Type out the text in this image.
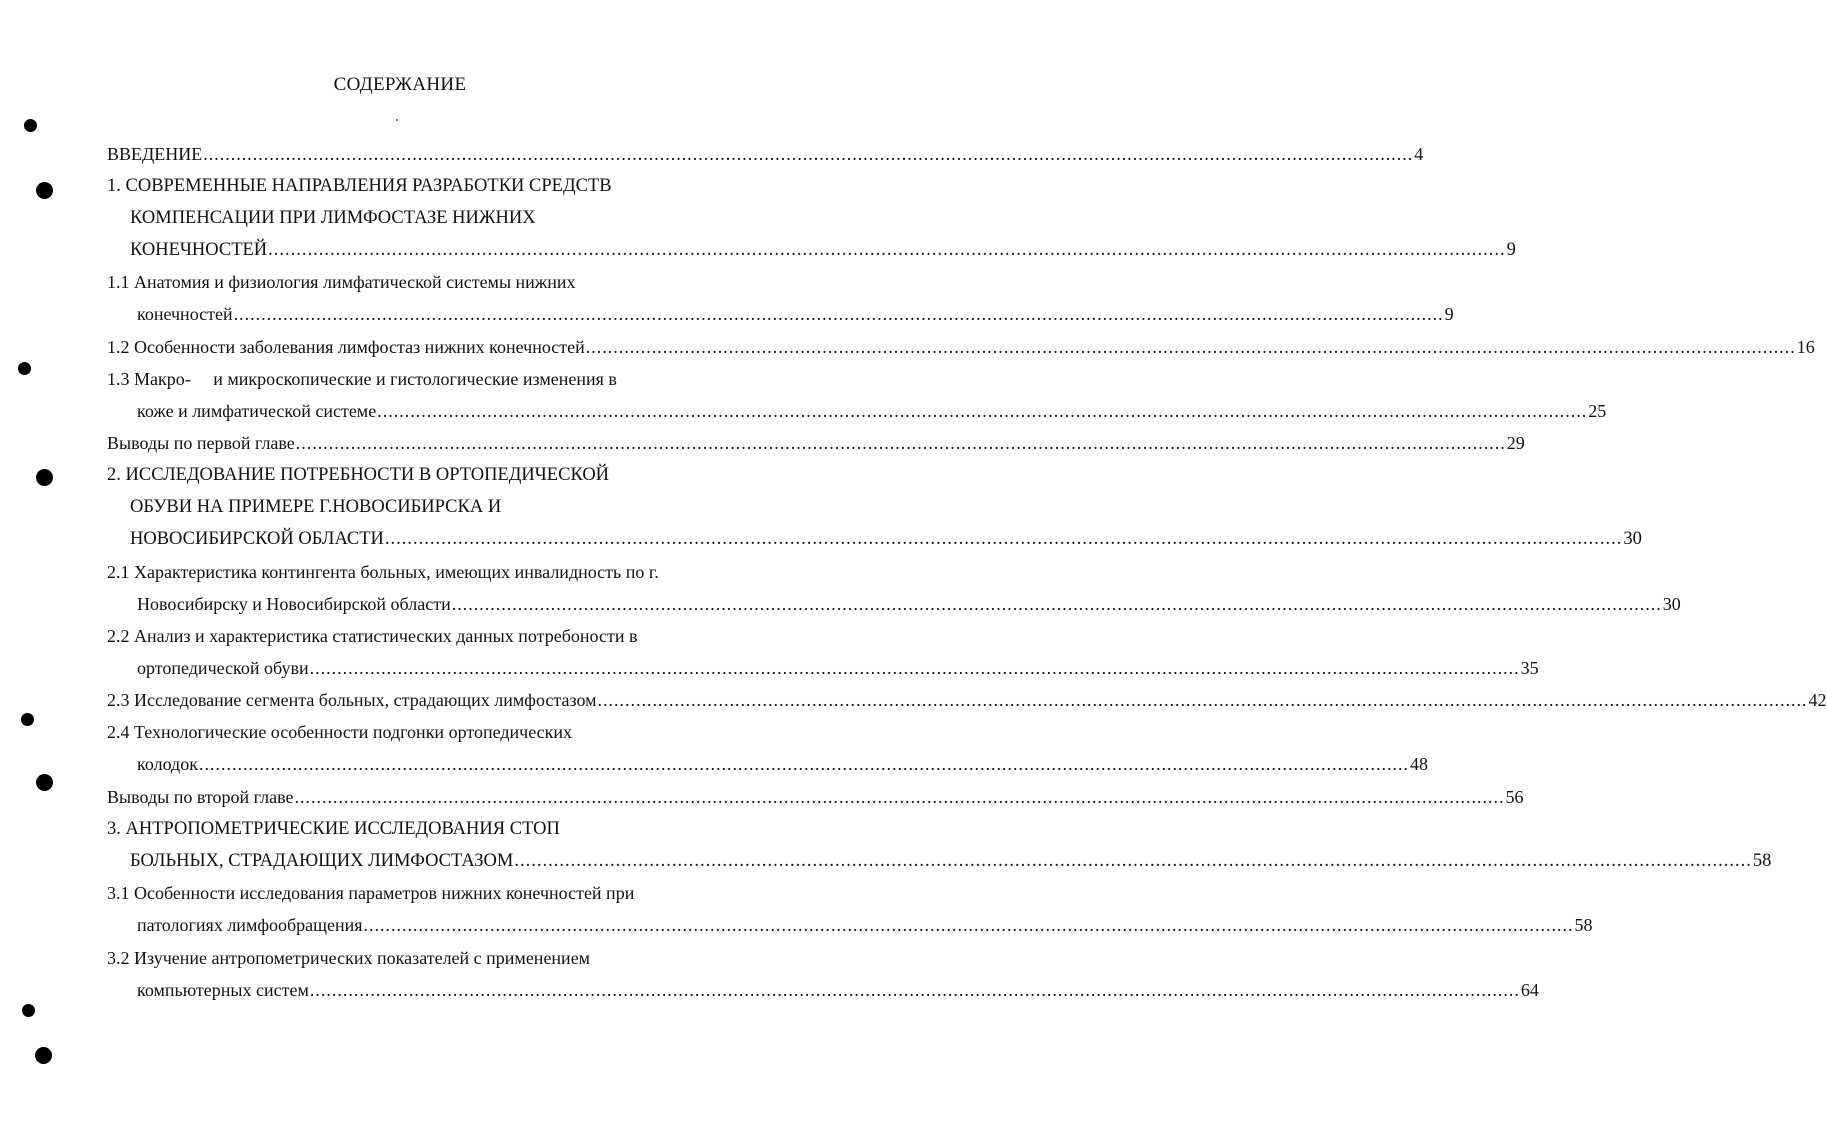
СОДЕРЖАНИЕ
ВВЕДЕНИЕ ............................................................................................................................................................................................................................ 4
1. СОВРЕМЕННЫЕ НАПРАВЛЕНИЯ РАЗРАБОТКИ СРЕДСТВ
КОМПЕНСАЦИИ ПРИ ЛИМФОСТАЗЕ НИЖНИХ
КОНЕЧНОСТЕЙ ............................................................................................................................................................................................................................ 9
1.1 Анатомия и физиология лимфатической системы нижних
конечностей ............................................................................................................................................................................................................................ 9
1.2 Особенности заболевания лимфостаз нижних конечностей ............................................................................................................................................................................................................................ 16
1.3 Макро-     и микроскопические и гистологические изменения в
коже и лимфатической системе ............................................................................................................................................................................................................................ 25
Выводы по первой главе ............................................................................................................................................................................................................................ 29
2. ИССЛЕДОВАНИЕ ПОТРЕБНОСТИ В ОРТОПЕДИЧЕСКОЙ
ОБУВИ НА ПРИМЕРЕ Г.НОВОСИБИРСКА И
НОВОСИБИРСКОЙ ОБЛАСТИ ............................................................................................................................................................................................................................ 30
2.1 Характеристика контингента больных, имеющих инвалидность по г.
Новосибирску и Новосибирской области ............................................................................................................................................................................................................................ 30
2.2 Анализ и характеристика статистических данных потребоности в
ортопедической обуви ............................................................................................................................................................................................................................ 35
2.3 Исследование сегмента больных, страдающих лимфостазом ............................................................................................................................................................................................................................ 42
2.4 Технологические особенности подгонки ортопедических
колодок ............................................................................................................................................................................................................................ 48
Выводы по второй главе ............................................................................................................................................................................................................................ 56
3. АНТРОПОМЕТРИЧЕСКИЕ ИССЛЕДОВАНИЯ СТОП
БОЛЬНЫХ, СТРАДАЮЩИХ ЛИМФОСТАЗОМ ............................................................................................................................................................................................................................ 58
3.1 Особенности исследования параметров нижних конечностей при
патологиях лимфообращения ............................................................................................................................................................................................................................ 58
3.2 Изучение антропометрических показателей с применением
компьютерных систем ............................................................................................................................................................................................................................ 64
